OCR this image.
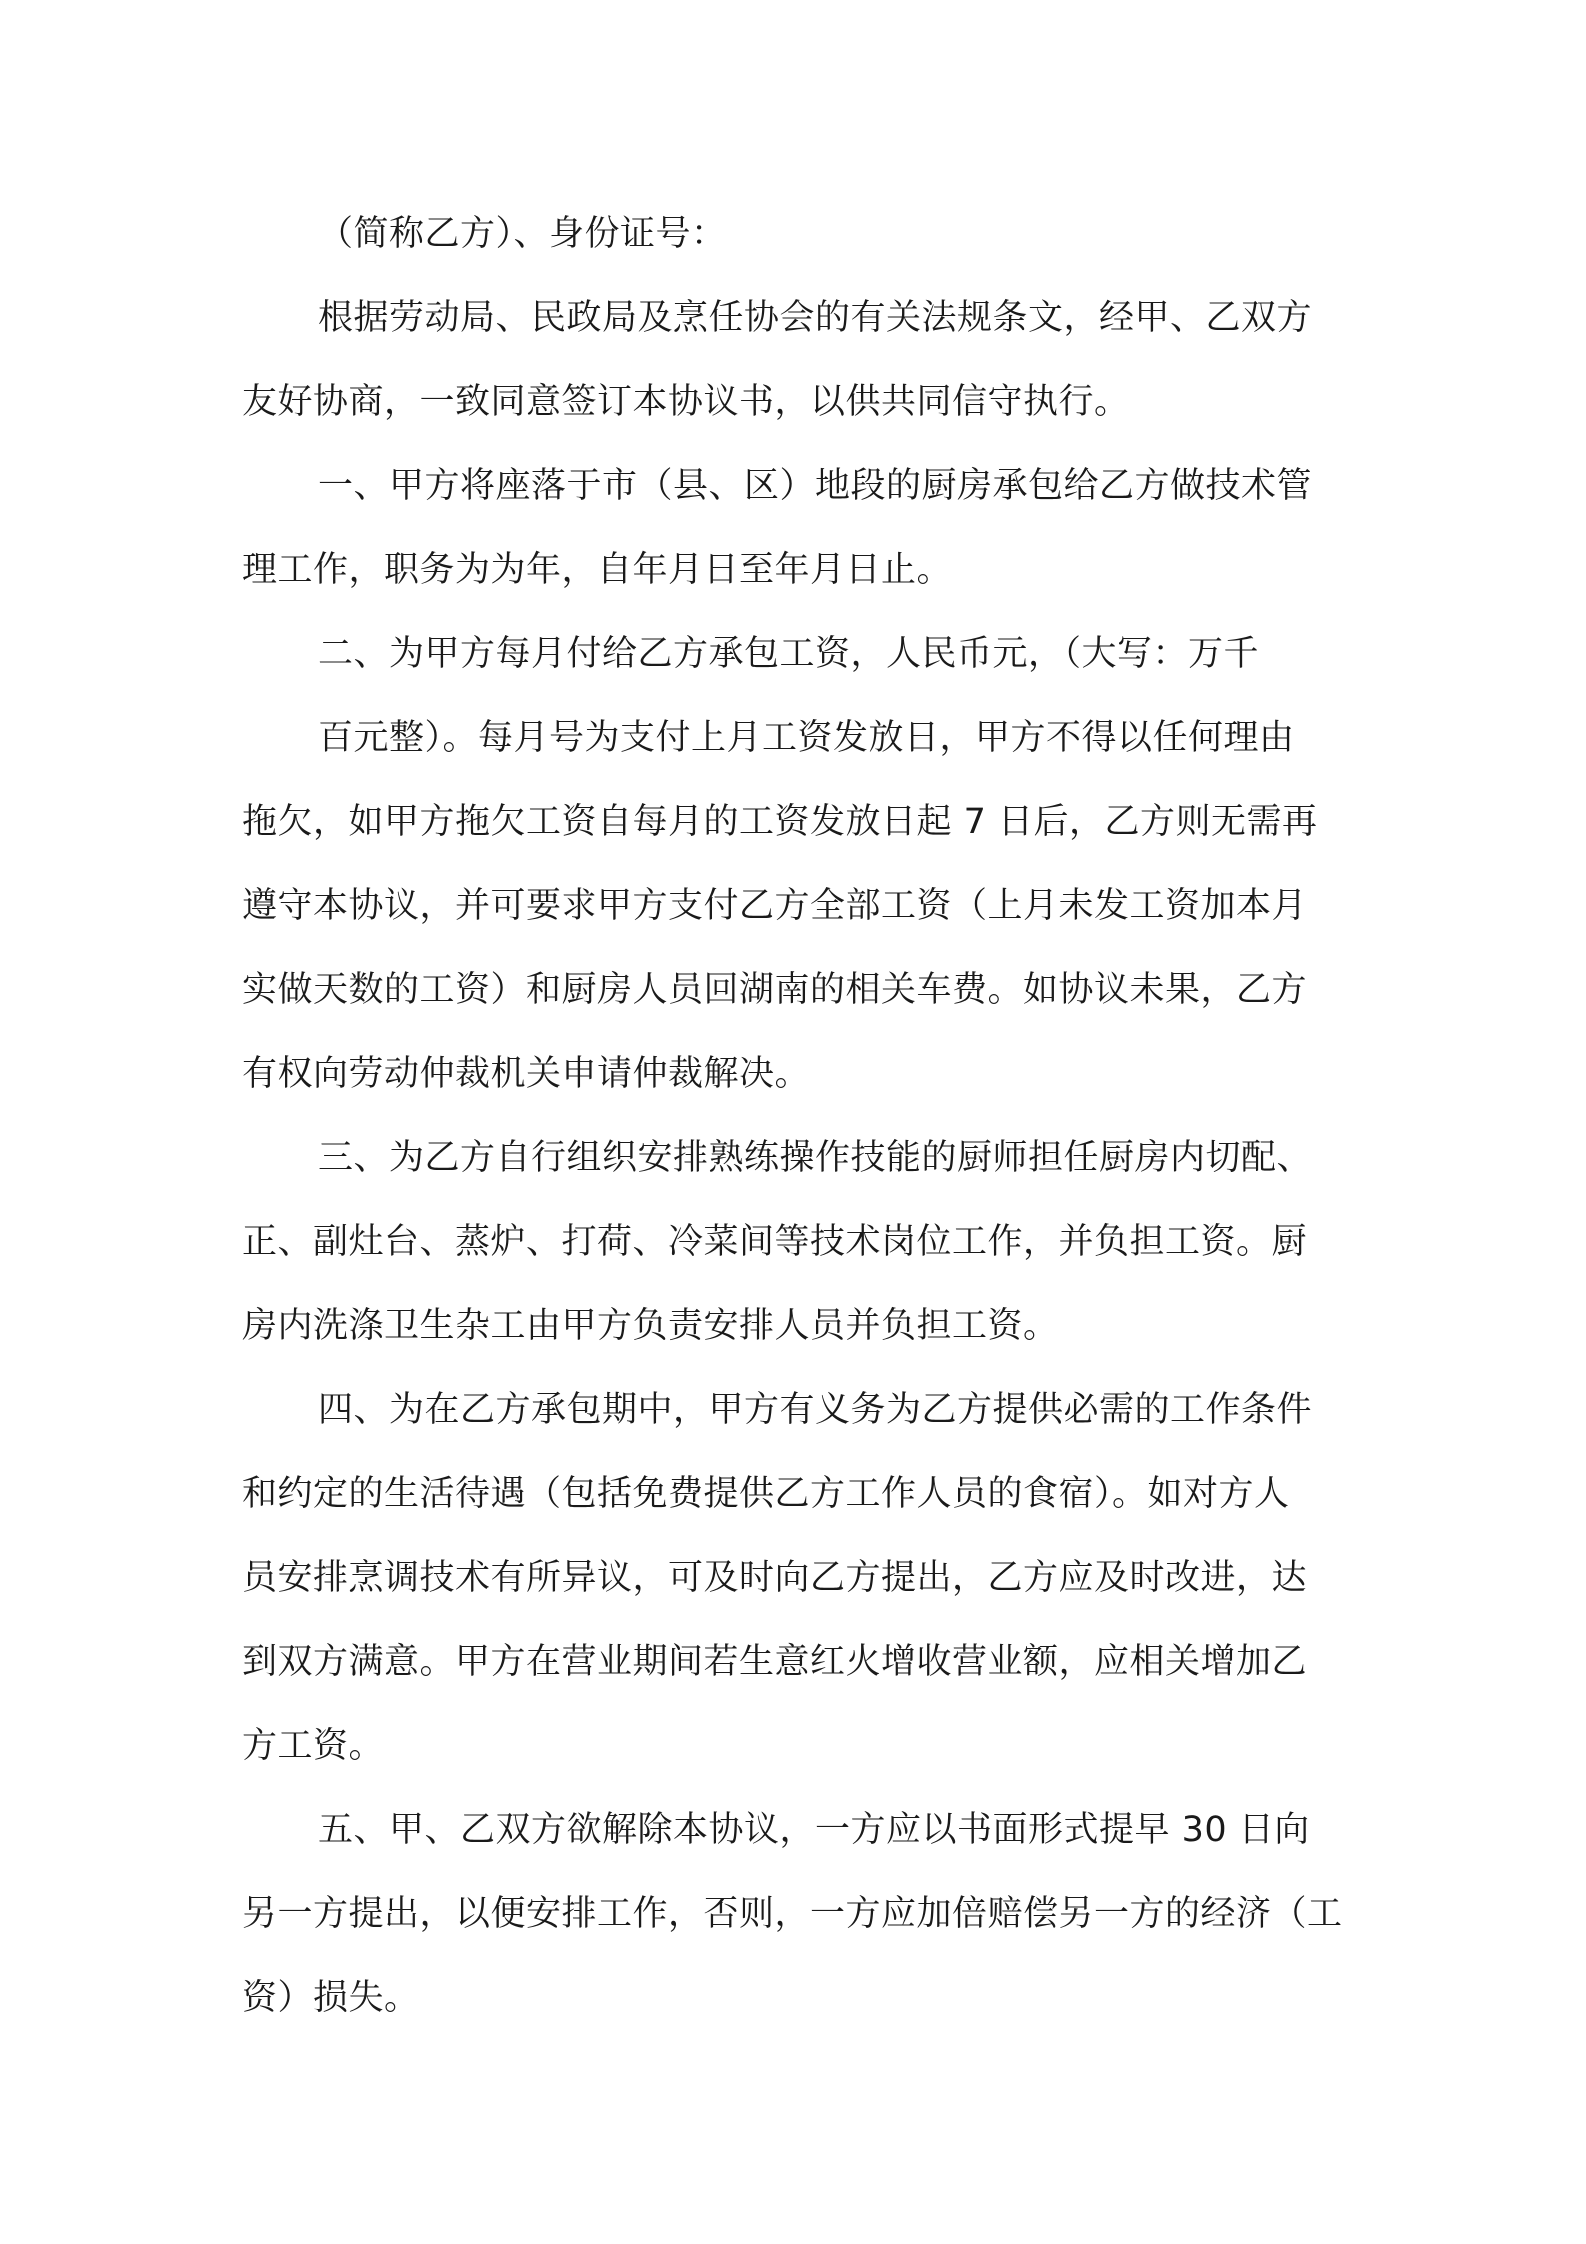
（简称乙方）、身份证号：
根据劳动局、民政局及烹任协会的有关法规条文，经甲、乙双方
友好协商，一致同意签订本协议书，以供共同信守执行。
一、甲方将座落于市（县、区）地段的厨房承包给乙方做技术管
理工作，职务为为年，自年月日至年月日止。
二、为甲方每月付给乙方承包工资，人民币元，（大写：万千
百元整）。每月号为支付上月工资发放日，甲方不得以任何理由
拖欠，如甲方拖欠工资自每月的工资发放日起 7 日后，乙方则无需再
遵守本协议，并可要求甲方支付乙方全部工资（上月未发工资加本月
实做天数的工资）和厨房人员回湖南的相关车费。如协议未果，乙方
有权向劳动仲裁机关申请仲裁解决。
三、为乙方自行组织安排熟练操作技能的厨师担任厨房内切配、
正、副灶台、蒸炉、打荷、冷菜间等技术岗位工作，并负担工资。厨
房内洗涤卫生杂工由甲方负责安排人员并负担工资。
四、为在乙方承包期中，甲方有义务为乙方提供必需的工作条件
和约定的生活待遇（包括免费提供乙方工作人员的食宿）。如对方人
员安排烹调技术有所异议，可及时向乙方提出，乙方应及时改进，达
到双方满意。甲方在营业期间若生意红火增收营业额，应相关增加乙
方工资。
五、甲、乙双方欲解除本协议，一方应以书面形式提早 30 日向
另一方提出，以便安排工作，否则，一方应加倍赔偿另一方的经济（工
资）损失。
